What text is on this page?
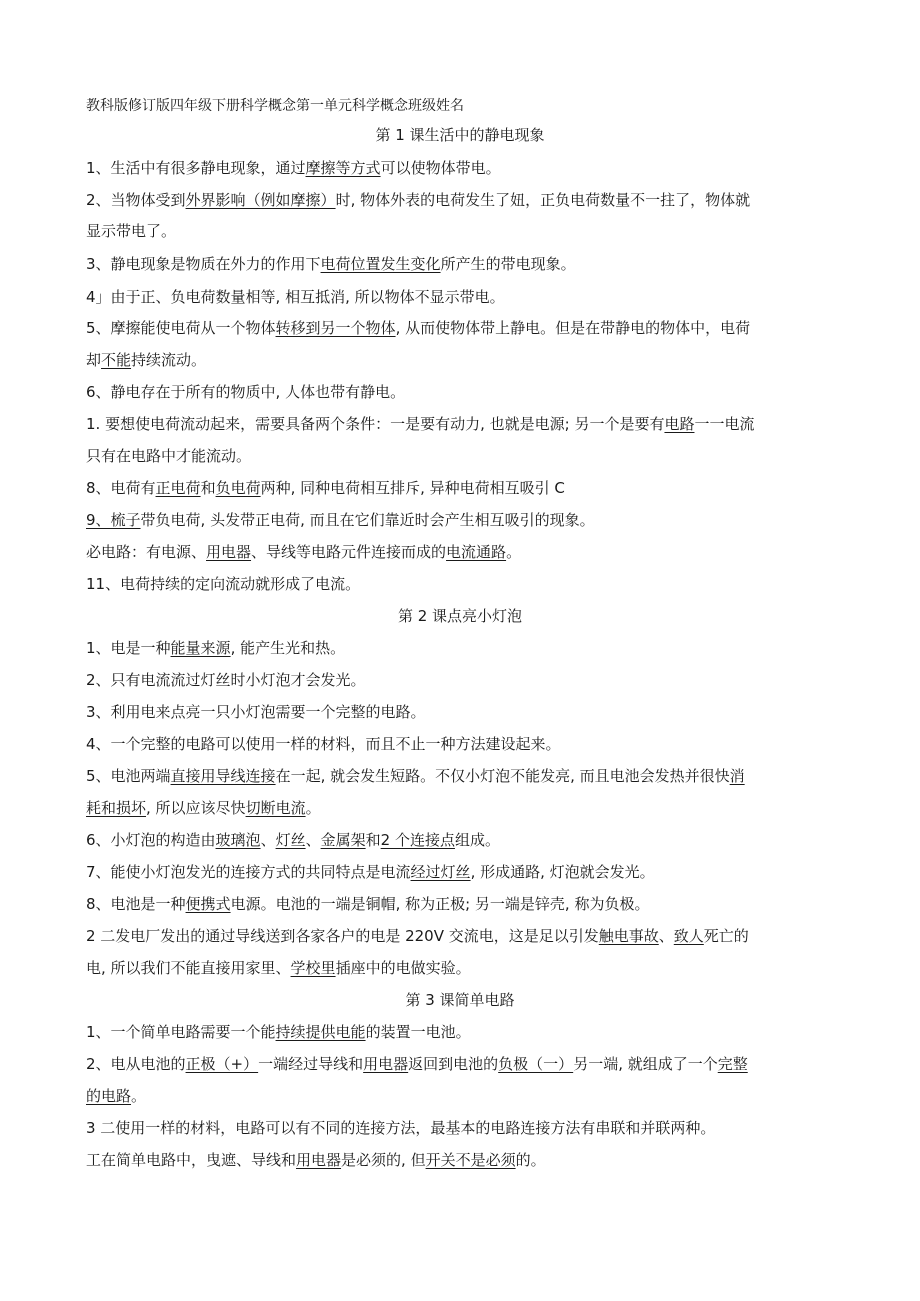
教科版修订版四年级下册科学概念第一单元科学概念班级姓名

第 1 课生活中的静电现象

1、生活中有很多静电现象，通过摩擦等方式可以使物体带电。

2、当物体受到外界影响（例如摩擦）时, 物体外表的电荷发生了妞，正负电荷数量不一拄了，物体就

显示带电了。

3、静电现象是物质在外力的作用下电荷位置发生变化所产生的带电现象。

4」由于正、负电荷数量相等, 相互抵消, 所以物体不显示带电。

5、摩擦能使电荷从一个物体转移到另一个物体, 从而使物体带上静电。但是在带静电的物体中，电荷

却不能持续流动。

6、静电存在于所有的物质中, 人体也带有静电。

1. 要想使电荷流动起来，需要具备两个条件：一是要有动力, 也就是电源; 另一个是要有电路一一电流

只有在电路中才能流动。

8、电荷有正电荷和负电荷两种, 同种电荷相互排斥, 异种电荷相互吸引 C

9、梳子带负电荷, 头发带正电荷, 而且在它们靠近时会产生相互吸引的现象。

必电路：有电源、用电器、导线等电路元件连接而成的电流通路。

11、电荷持续的定向流动就形成了电流。

第 2 课点亮小灯泡

1、电是一种能量来源, 能产生光和热。

2、只有电流流过灯丝时小灯泡才会发光。

3、利用电来点亮一只小灯泡需要一个完整的电路。

4、一个完整的电路可以使用一样的材料，而且不止一种方法建设起来。

5、电池两端直接用导线连接在一起, 就会发生短路。不仅小灯泡不能发亮, 而且电池会发热并很快消

耗和损坏, 所以应该尽快切断电流。

6、小灯泡的构造由玻璃泡、灯丝、金属架和2 个连接点组成。

7、能使小灯泡发光的连接方式的共同特点是电流经过灯丝, 形成通路, 灯泡就会发光。

8、电池是一种便携式电源。电池的一端是铜帽, 称为正极; 另一端是锌壳, 称为负极。

2 二发电厂发出的通过导线送到各家各户的电是 220V 交流电，这是足以引发触电事故、致人死亡的

电, 所以我们不能直接用家里、学校里插座中的电做实验。

第 3 课简单电路

1、一个简单电路需要一个能持续提供电能的装置一电池。

2、电从电池的正极（+）一端经过导线和用电器返回到电池的负极（一）另一端, 就组成了一个完整

的电路。

3 二使用一样的材料，电路可以有不同的连接方法，最基本的电路连接方法有串联和并联两种。

工在简单电路中，曳遮、导线和用电器是必须的, 但开关不是必须的。
